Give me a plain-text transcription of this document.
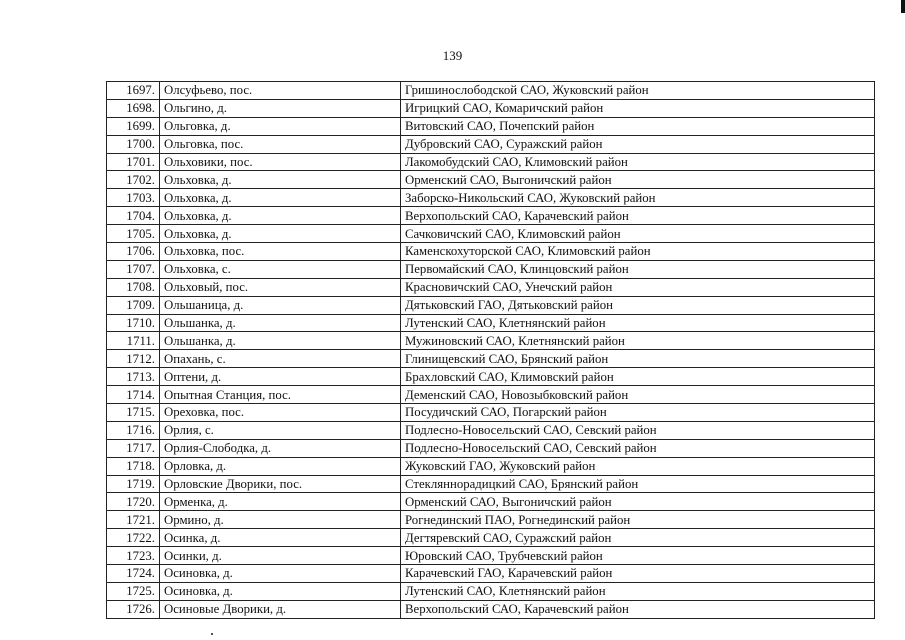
139
1697.	Олсуфьево, пос.	Гришинослободской САО, Жуковский район
1698.	Ольгино, д.	Игрицкий САО, Комаричский район
1699.	Ольговка, д.	Витовский САО, Почепский район
1700.	Ольговка, пос.	Дубровский САО, Суражский район
1701.	Ольховики, пос.	Лакомобудский САО, Климовский район
1702.	Ольховка, д.	Орменский САО, Выгоничский район
1703.	Ольховка, д.	Заборско-Никольский САО, Жуковский район
1704.	Ольховка, д.	Верхопольский САО, Карачевский район
1705.	Ольховка, д.	Сачковичский САО, Климовский район
1706.	Ольховка, пос.	Каменскохуторской САО, Климовский район
1707.	Ольховка, с.	Первомайский САО, Клинцовский район
1708.	Ольховый, пос.	Красновичский САО, Унечский район
1709.	Ольшаница, д.	Дятьковский ГАО, Дятьковский район
1710.	Ольшанка, д.	Лутенский САО, Клетнянский район
1711.	Ольшанка, д.	Мужиновский САО, Клетнянский район
1712.	Опахань, с.	Глинищевский САО, Брянский район
1713.	Оптени, д.	Брахловский САО, Климовский район
1714.	Опытная Станция, пос.	Деменский САО, Новозыбковский район
1715.	Ореховка, пос.	Посудичский САО, Погарский район
1716.	Орлия, с.	Подлесно-Новосельский САО, Севский район
1717.	Орлия-Слободка, д.	Подлесно-Новосельский САО, Севский район
1718.	Орловка, д.	Жуковский ГАО, Жуковский район
1719.	Орловские Дворики, пос.	Стекляннорадицкий САО, Брянский район
1720.	Орменка, д.	Орменский САО, Выгоничский район
1721.	Ормино, д.	Рогнединский ПАО, Рогнединский район
1722.	Осинка, д.	Дегтяревский САО, Суражский район
1723.	Осинки, д.	Юровский САО, Трубчевский район
1724.	Осиновка, д.	Карачевский ГАО, Карачевский район
1725.	Осиновка, д.	Лутенский САО, Клетнянский район
1726.	Осиновые Дворики, д.	Верхопольский САО, Карачевский район
